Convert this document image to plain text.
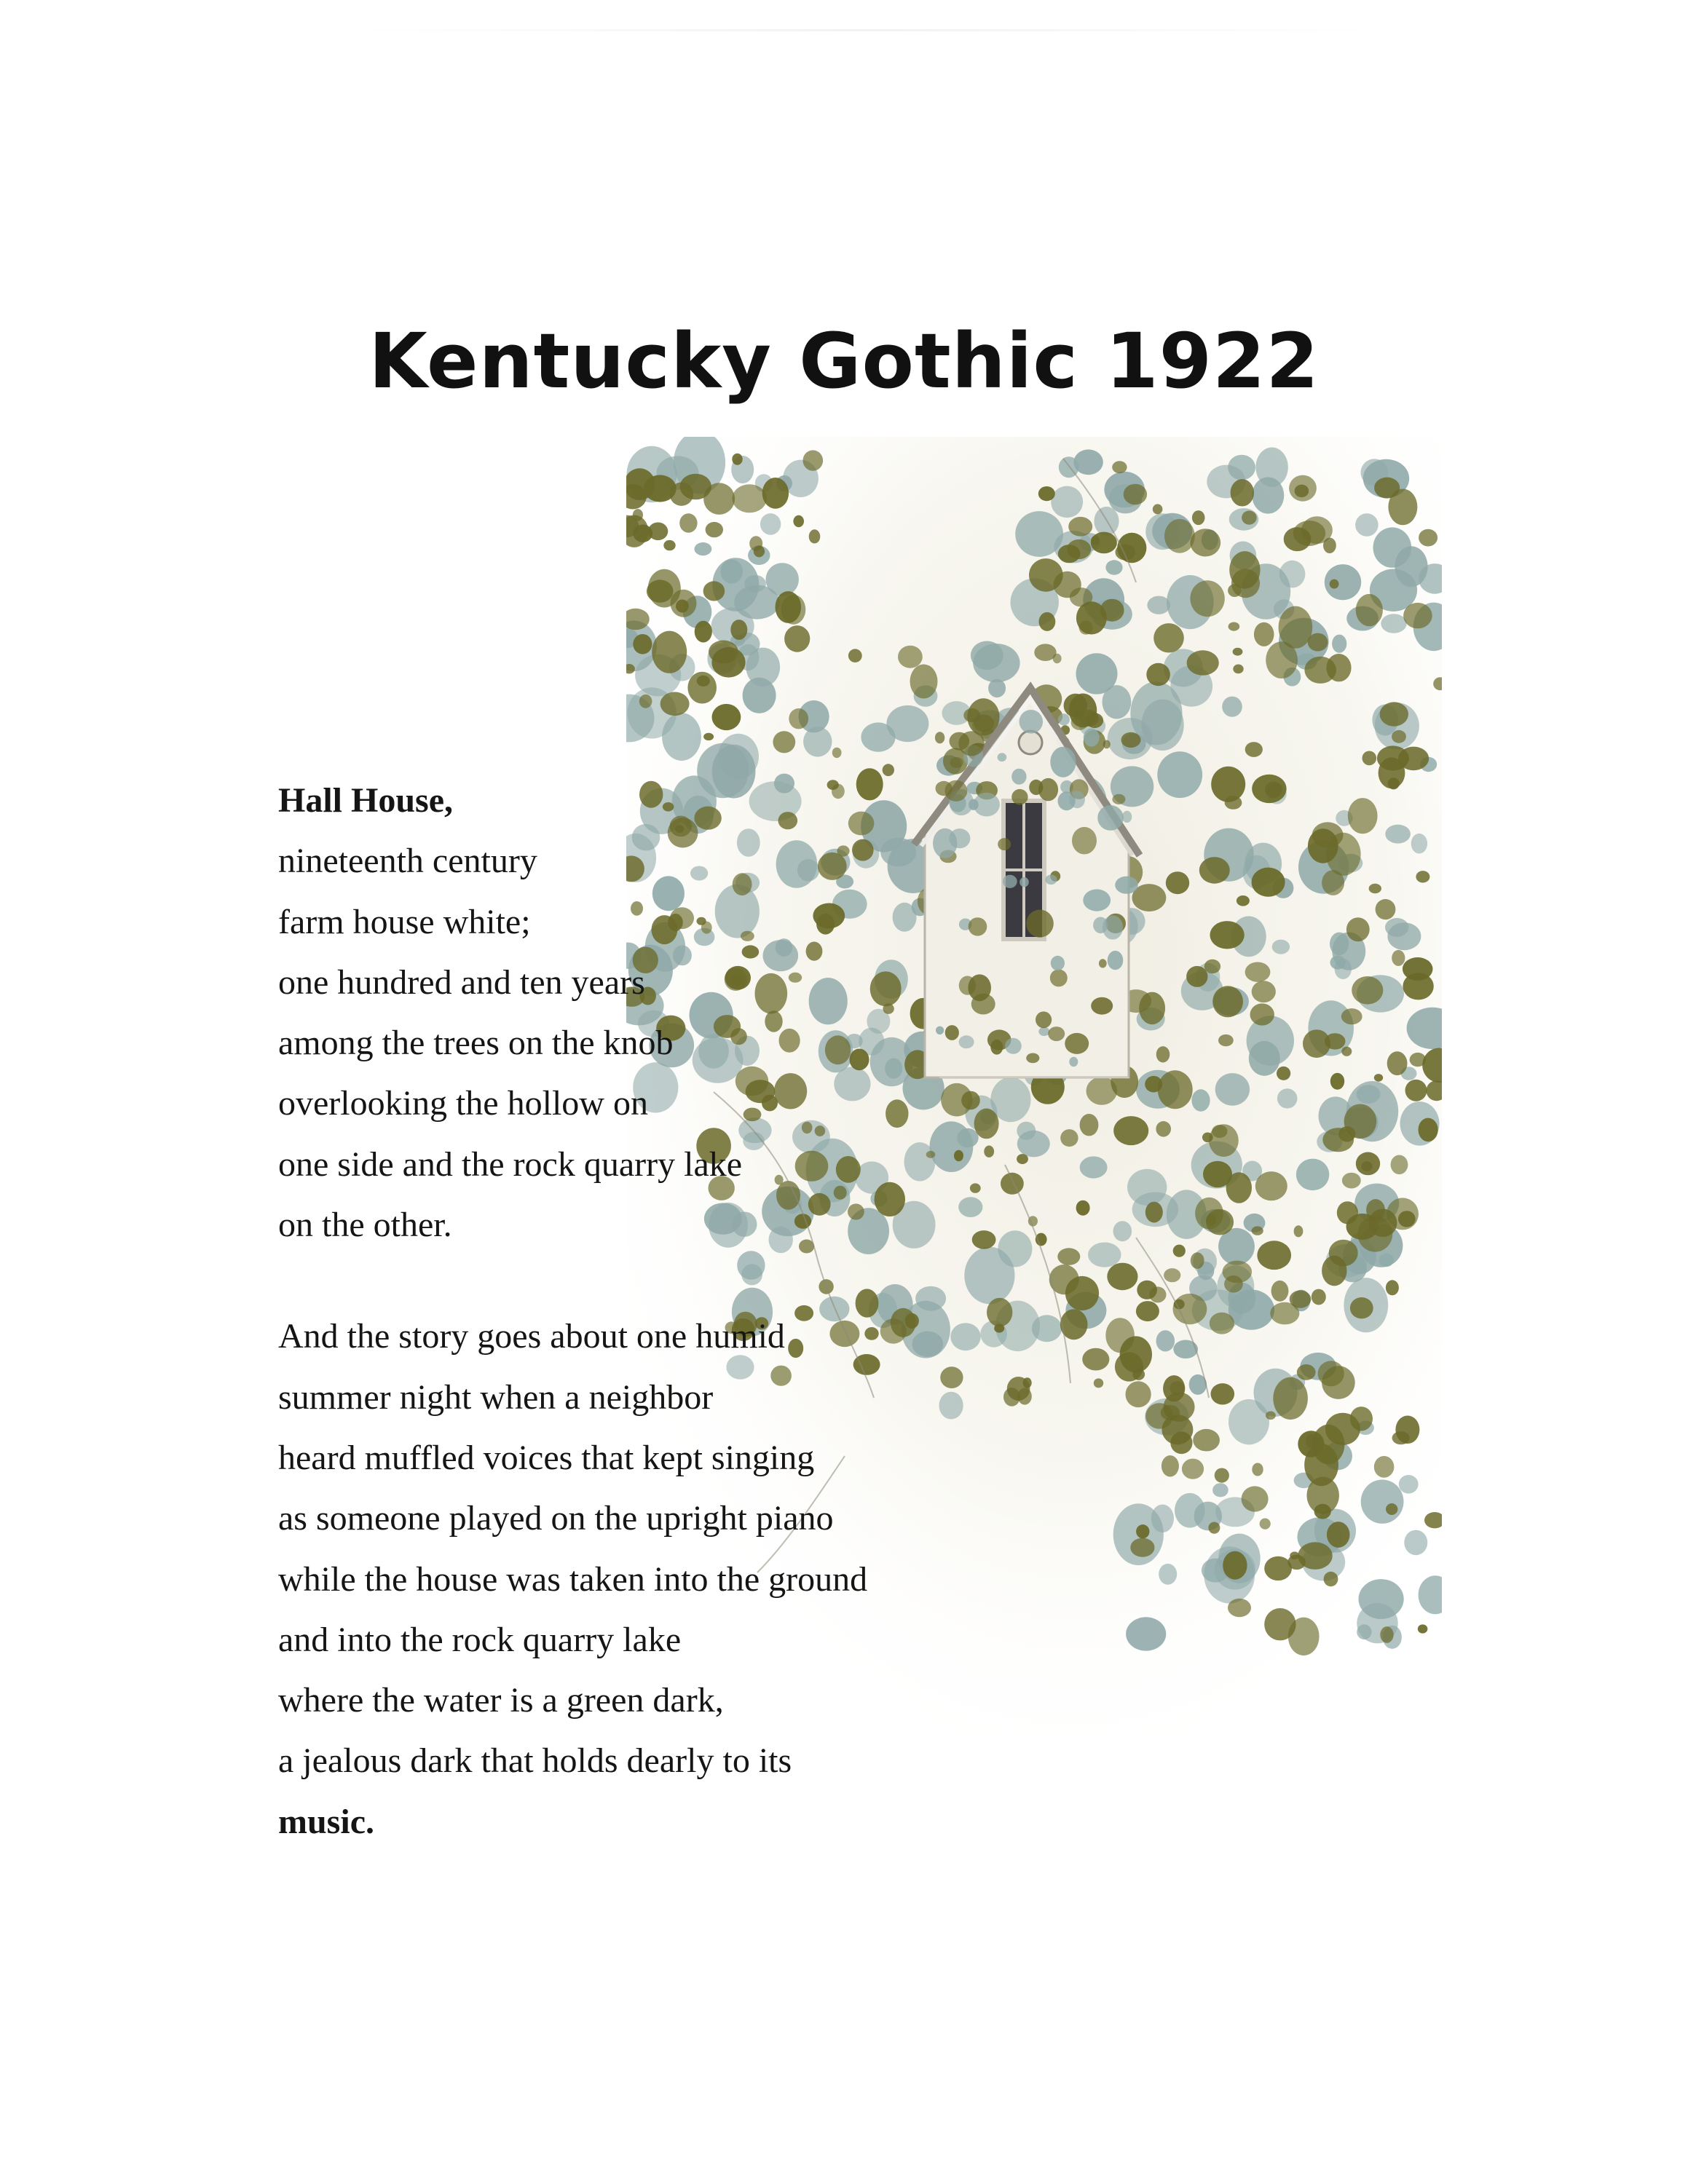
Kentucky Gothic 1922

Hall House,
nineteenth century
farm house white;
one hundred and ten years
among the trees on the knob
overlooking the hollow on
one side and the rock quarry lake
on the other.

And the story goes about one humid
summer night when a neighbor
heard muffled voices that kept singing
as someone played on the upright piano
while the house was taken into the ground
and into the rock quarry lake
where the water is a green dark,
a jealous dark that holds dearly to its
music.
